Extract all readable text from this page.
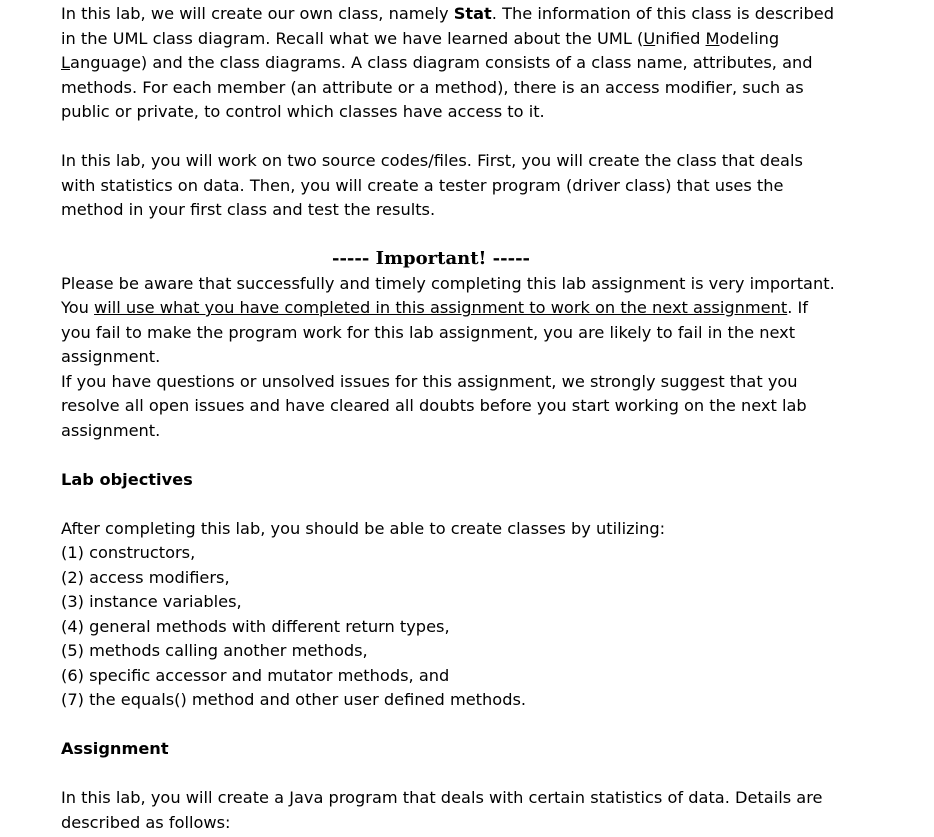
In this lab, we will create our own class, namely Stat. The information of this class is described in the UML class diagram. Recall what we have learned about the UML (Unified Modeling Language) and the class diagrams. A class diagram consists of a class name, attributes, and methods. For each member (an attribute or a method), there is an access modifier, such as public or private, to control which classes have access to it.

In this lab, you will work on two source codes/files. First, you will create the class that deals with statistics on data. Then, you will create a tester program (driver class) that uses the method in your first class and test the results.

----- Important! -----

Please be aware that successfully and timely completing this lab assignment is very important. You will use what you have completed in this assignment to work on the next assignment. If you fail to make the program work for this lab assignment, you are likely to fail in the next assignment.

If you have questions or unsolved issues for this assignment, we strongly suggest that you resolve all open issues and have cleared all doubts before you start working on the next lab assignment.

Lab objectives

After completing this lab, you should be able to create classes by utilizing:

(1) constructors,
(2) access modifiers,
(3) instance variables,
(4) general methods with different return types,
(5) methods calling another methods,
(6) specific accessor and mutator methods, and
(7) the equals() method and other user defined methods.

Assignment

In this lab, you will create a Java program that deals with certain statistics of data. Details are described as follows:
